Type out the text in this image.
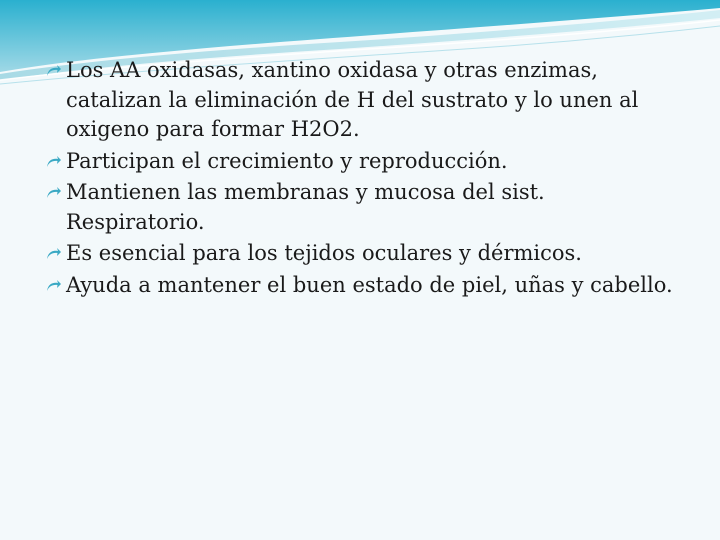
Los AA oxidasas, xantino oxidasa y otras enzimas, catalizan la eliminación de H del sustrato y lo unen al oxigeno para formar H2O2.
Participan el crecimiento y reproducción.
Mantienen las membranas y mucosa del sist. Respiratorio.
Es esencial para los tejidos oculares y dérmicos.
Ayuda a mantener el buen estado de piel, uñas y cabello.
